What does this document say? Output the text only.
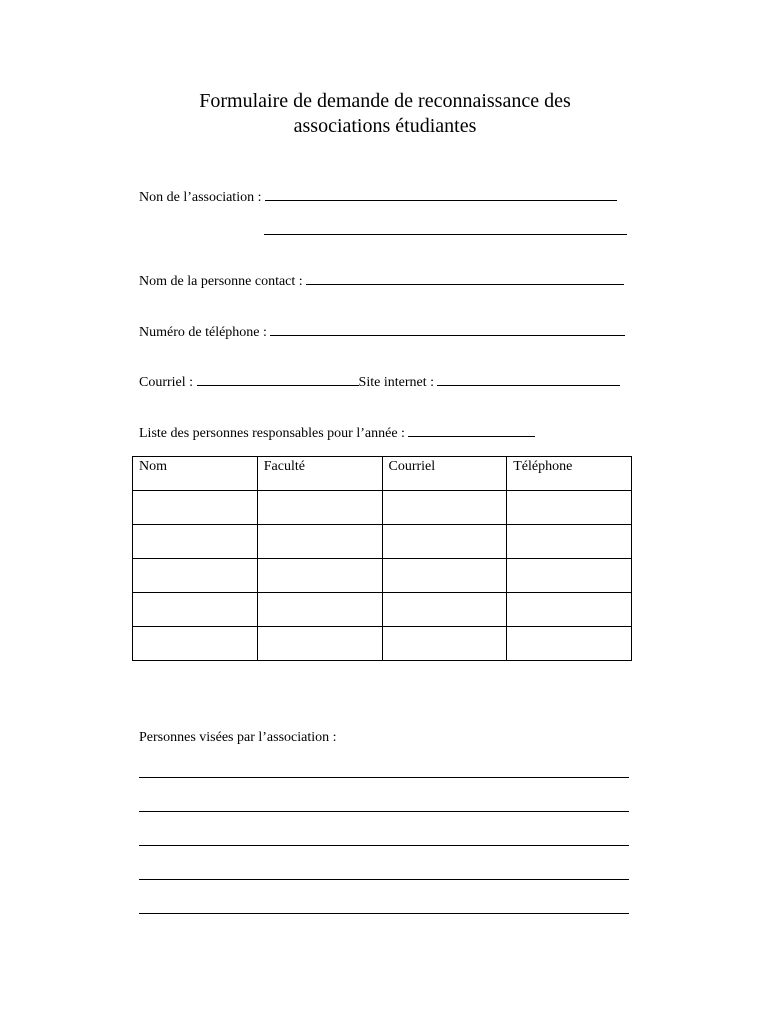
Formulaire de demande de reconnaissance des
associations étudiantes
Non de l’association :
Nom de la personne contact :
Numéro de téléphone :
Courriel :	Site internet :
Liste des personnes responsables pour l’année :
Nom	Faculté	Courriel	Téléphone

Personnes visées par l’association :
